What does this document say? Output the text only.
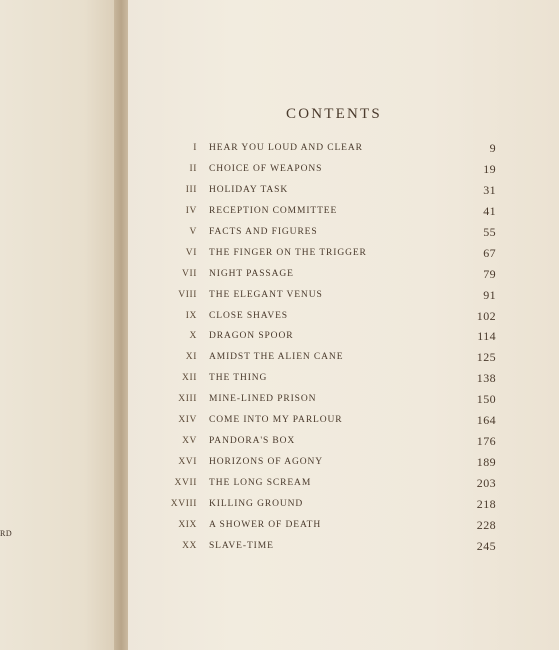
RD
CONTENTS
I HEAR YOU LOUD AND CLEAR	9
II CHOICE OF WEAPONS	19
III HOLIDAY TASK	31
IV RECEPTION COMMITTEE	41
V FACTS AND FIGURES	55
VI THE FINGER ON THE TRIGGER	67
VII NIGHT PASSAGE	79
VIII THE ELEGANT VENUS	91
IX CLOSE SHAVES	102
X DRAGON SPOOR	114
XI AMIDST THE ALIEN CANE	125
XII THE THING	138
XIII MINE-LINED PRISON	150
XIV COME INTO MY PARLOUR	164
XV PANDORA'S BOX	176
XVI HORIZONS OF AGONY	189
XVII THE LONG SCREAM	203
XVIII KILLING GROUND	218
XIX A SHOWER OF DEATH	228
XX SLAVE-TIME	245
